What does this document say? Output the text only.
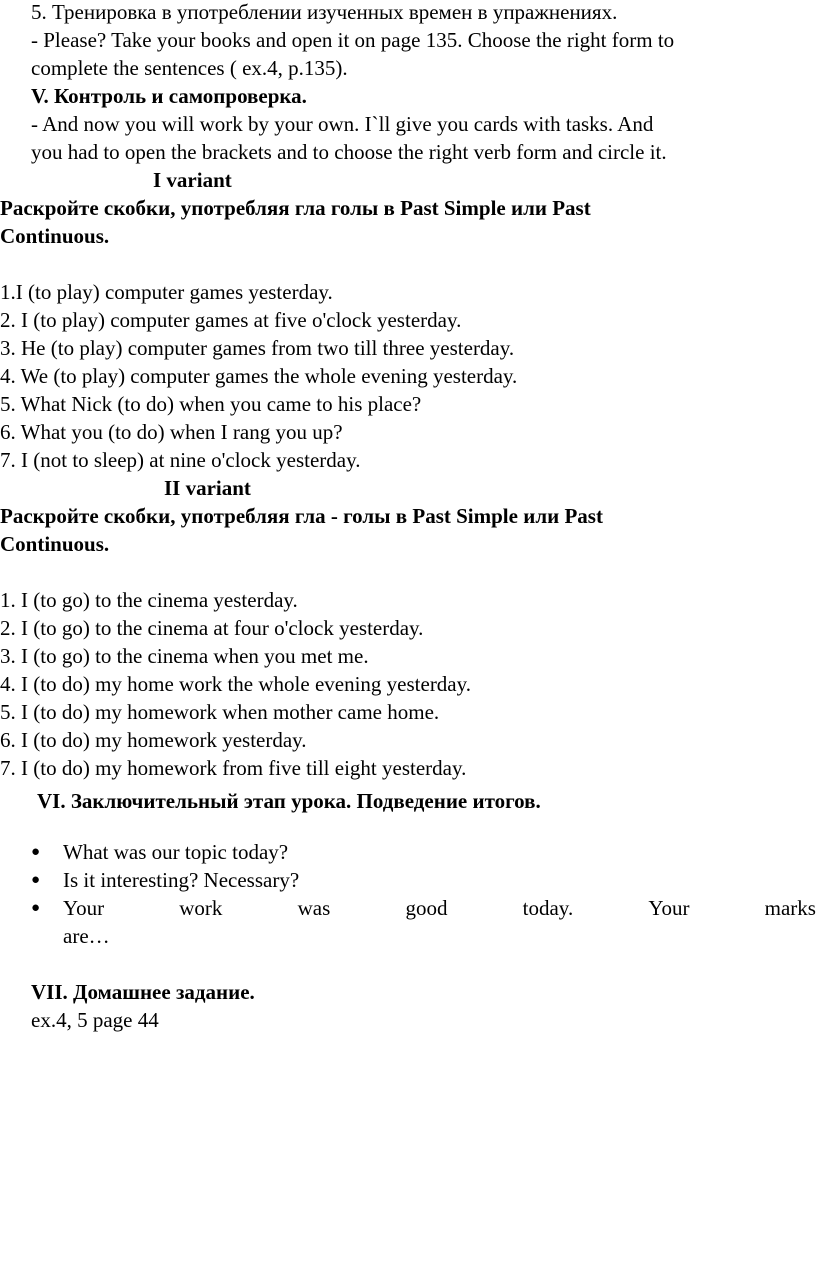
5. Тренировка в употреблении изученных времен в упражнениях.
- Please? Take your books and open it on page 135. Choose the right form to
complete the sentences ( ex.4, p.135).
V. Контроль и самопроверка.
- And now you will work by your own. I`ll give you cards with tasks. And
you had to open the brackets and to choose the right verb form and circle it.
I variant
Раскройте скобки, употребляя гла голы в Past Simple или Past
Continuous.
1.I (to play) computer games yesterday.
2. I (to play) computer games at five o'clock yesterday.
3. He (to play) computer games from two till three yesterday.
4. We (to play) computer games the whole evening yesterday.
5. What Nick (to do) when you came to his place?
6. What you (to do) when I rang you up?
7. I (not to sleep) at nine o'clock yesterday.
II variant
Раскройте скобки, употребляя гла - голы в Past Simple или Past
Continuous.
1. I (to go) to the cinema yesterday.
2. I (to go) to the cinema at four o'clock yesterday.
3. I (to go) to the cinema when you met me.
4. I (to do) my home work the whole evening yesterday.
5. I (to do) my homework when mother came home.
6. I (to do) my homework yesterday.
7. I (to do) my homework from five till eight yesterday.
VI. Заключительный этап урока. Подведение итогов.
● What was our topic today?
● Is it interesting? Necessary?
● Your	work	was	good	today.	Your	marks
are…
VII. Домашнее задание.
ex.4, 5 page 44
